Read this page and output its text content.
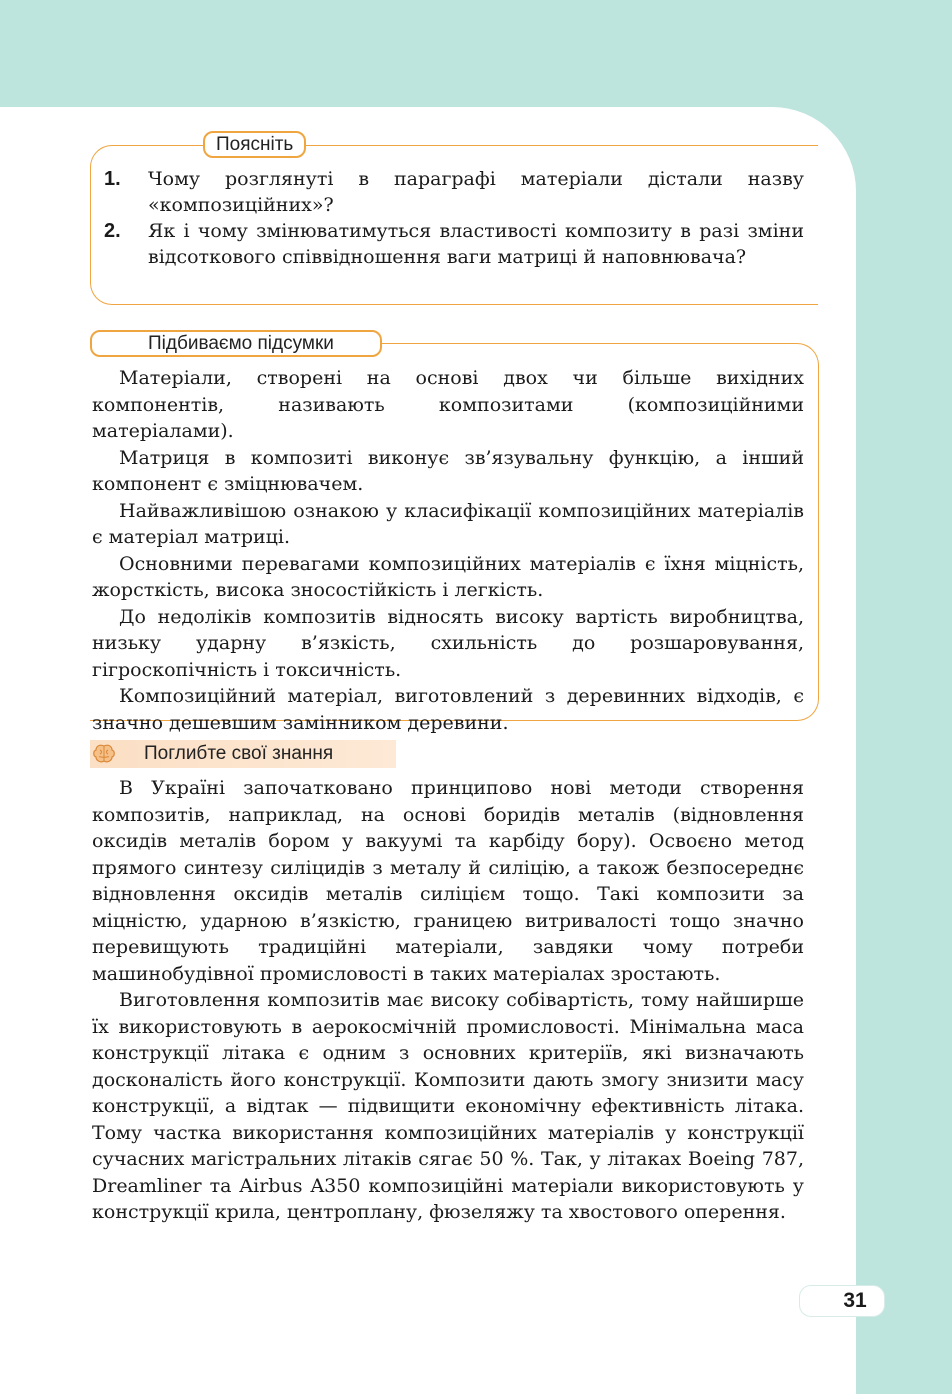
Поясніть
1. Чому розглянуті в параграфі матеріали дістали назву «композиційних»?
2. Як і чому змінюватимуться властивості композиту в разі зміни відсоткового співвідношення ваги матриці й наповнювача?
Підбиваємо підсумки

Матеріали, створені на основі двох чи більше вихідних компонентів, називають композитами (композиційними матеріалами).

Матриця в композиті виконує зв’язувальну функцію, а інший компонент є зміцнювачем.

Найважливішою ознакою у класифікації композиційних матеріалів є матеріал матриці.

Основними перевагами композиційних матеріалів є їхня міцність, жорсткість, висока зносостійкість і легкість.

До недоліків композитів відносять високу вартість виробництва, низьку ударну в’язкість, схильність до розшаровування, гігроскопічність і токсичність.

Композиційний матеріал, виготовлений з деревинних відходів, є значно дешевшим замінником деревини.

Поглибте свої знання

В Україні започатковано принципово нові методи створення композитів, наприклад, на основі боридів металів (відновлення оксидів металів бором у вакуумі та карбіду бору). Освоєно метод прямого синтезу силіцидів з металу й силіцію, а також безпосереднє відновлення оксидів металів силіцієм тощо. Такі композити за міцністю, ударною в’язкістю, границею витривалості тощо значно перевищують традиційні матеріали, завдяки чому потреби машинобудівної промисловості в таких матеріалах зростають.

Виготовлення композитів має високу собівартість, тому найширше їх використовують в аерокосмічній промисловості. Мінімальна маса конструкції літака є одним з основних критеріїв, які визначають досконалість його конструкції. Композити дають змогу знизити масу конструкції, а відтак — підвищити економічну ефективність літака. Тому частка використання композиційних матеріалів у конструкції сучасних магістральних літаків сягає 50 %. Так, у літаках Boeing 787, Dreamliner та Airbus A350 композиційні матеріали використовують у конструкції крила, центроплану, фюзеляжу та хвостового оперення.

31
